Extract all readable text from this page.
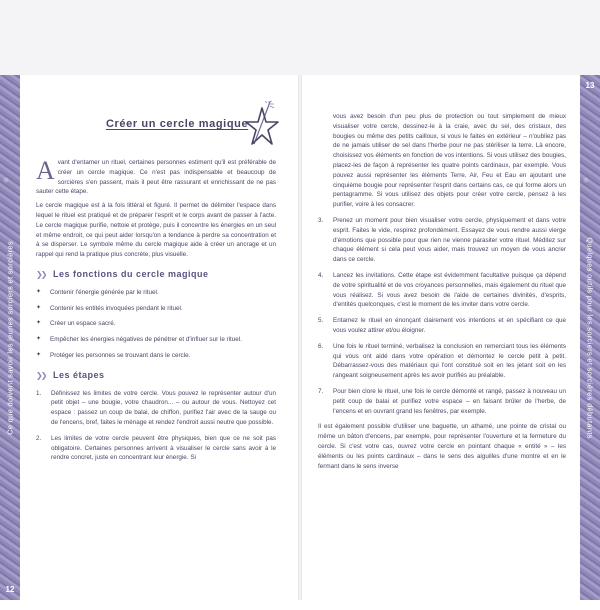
Ce que doivent savoir les jeunes sorciers et sorcières
12
Quelques outils pour les sorciers et sorcières débutants
13
Créer un cercle magique

A vant d'entamer un rituel, certaines personnes estiment qu'il est préférable de créer un cercle magique. Ce n'est pas indispensable et beaucoup de sorcières s'en passent, mais il peut être rassurant et enrichissant de ne pas sauter cette étape.

Le cercle magique est à la fois littéral et figuré. Il permet de délimiter l'espace dans lequel le rituel est pratiqué et de préparer l'esprit et le corps avant de passer à l'acte. Le cercle magique purifie, nettoie et protège, puis il concentre les énergies en un seul et même endroit, ce qui peut aider lorsqu'on a tendance à perdre sa concentration et à se disperser. Le symbole même du cercle magique aide à créer un ancrage et un rappel qui rend la pratique plus concrète, plus visuelle.

❯❯ Les fonctions du cercle magique
✦ Contenir l'énergie générée par le rituel.
✦ Contenir les entités invoquées pendant le rituel.
✦ Créer un espace sacré.
✦ Empêcher les énergies négatives de pénétrer et d'influer sur le rituel.
✦ Protéger les personnes se trouvant dans le cercle.
❯❯ Les étapes
1. Définissez les limites de votre cercle. Vous pouvez le représenter autour d'un petit objet – une bougie, votre chaudron... – ou autour de vous. Nettoyez cet espace : passez un coup de balai, de chiffon, purifiez l'air avec de la sauge ou de l'encens, bref, faites le ménage et rendez l'endroit aussi neutre que possible.
2. Les limites de votre cercle peuvent être physiques, bien que ce ne soit pas obligatoire. Certaines personnes arrivent à visualiser le cercle sans avoir à le rendre concret, juste en concentrant leur énergie. Si
vous avez besoin d'un peu plus de protection ou tout simplement de mieux visualiser votre cercle, dessinez-le à la craie, avec du sel, des cristaux, des bougies ou même des petits cailloux, si vous le faites en extérieur – n'oubliez pas de ne jamais utiliser de sel dans l'herbe pour ne pas stériliser la terre. Là encore, choisissez vos éléments en fonction de vos intentions. Si vous utilisez des bougies, placez-les de façon à représenter les quatre points cardinaux, par exemple. Vous pouvez aussi représenter les éléments Terre, Air, Feu et Eau en ajoutant une cinquième bougie pour représenter l'esprit dans certains cas, ce qui forme alors un pentagramme. Si vous utilisez des objets pour créer votre cercle, pensez à les purifier, voire à les consacrer.
3. Prenez un moment pour bien visualiser votre cercle, physiquement et dans votre esprit. Faites le vide, respirez profondément. Essayez de vous rendre aussi vierge d'émotions que possible pour que rien ne vienne parasiter votre rituel. Méditez sur chaque élément si cela peut vous aider, mais trouvez un moyen de vous ancrer dans ce cercle.
4. Lancez les invitations. Cette étape est évidemment facultative puisque ça dépend de votre spiritualité et de vos croyances personnelles, mais également du rituel que vous réalisez. Si vous avez besoin de l'aide de certaines divinités, d'esprits, d'entités quelconques, c'est le moment de les inviter dans votre cercle.
5. Entamez le rituel en énonçant clairement vos intentions et en spécifiant ce que vous voulez attirer et/ou éloigner.
6. Une fois le rituel terminé, verbalisez la conclusion en remerciant tous les éléments qui vous ont aidé dans votre opération et démontez le cercle petit à petit. Débarrassez-vous des matériaux qui l'ont constitué soit en les jetant soit en les rangeant soigneusement après les avoir purifiés au préalable.
7. Pour bien clore le rituel, une fois le cercle démonté et rangé, passez à nouveau un petit coup de balai et purifiez votre espace – en faisant brûler de l'herbe, de l'encens et en ouvrant grand les fenêtres, par exemple.

Il est également possible d'utiliser une baguette, un athamé, une pointe de cristal ou même un bâton d'encens, par exemple, pour représenter l'ouverture et la fermeture du cercle. Si c'est votre cas, ouvrez votre cercle en pointant chaque « entité » – les éléments ou les points cardinaux – dans le sens des aiguilles d'une montre et en le fermant dans le sens inverse
